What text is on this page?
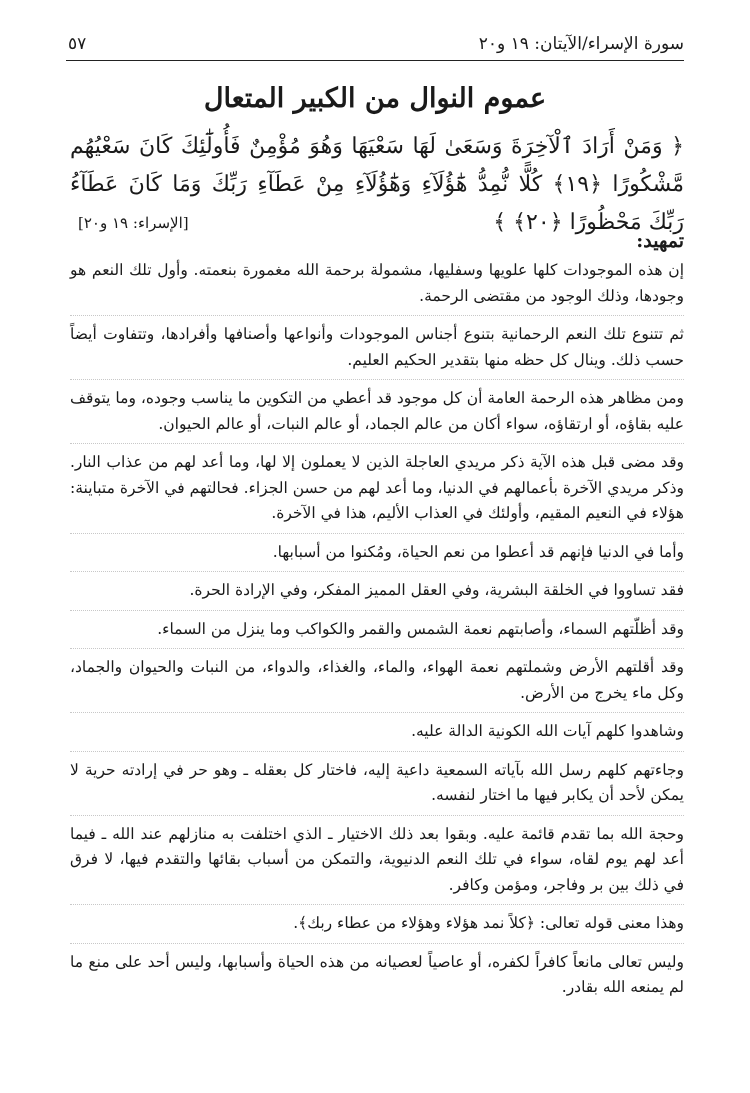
سورة الإسراء/الآيتان: ١٩ و٢٠
٥٧
عموم النوال من الكبير المتعال
﴿ وَمَنْ أَرَادَ ٱلْآخِرَةَ وَسَعَىٰ لَهَا سَعْيَهَا وَهُوَ مُؤْمِنٌ فَأُولَٰٓئِكَ كَانَ سَعْيُهُم
مَّشْكُورًا ﴿١٩﴾ كُلًّا نُّمِدُّ هَٰٓؤُلَآءِ وَهَٰٓؤُلَآءِ مِنْ عَطَآءِ رَبِّكَ وَمَا كَانَ عَطَآءُ رَبِّكَ مَحْظُورًا ﴿٢٠﴾ ﴾
[الإسراء: ١٩ و٢٠]
تمهيد:

إن هذه الموجودات كلها علويها وسفليها، مشمولة برحمة الله مغمورة بنعمته. وأول تلك النعم هو وجودها، وذلك الوجود من مقتضى الرحمة.

ثم تتنوع تلك النعم الرحمانية بتنوع أجناس الموجودات وأنواعها وأصنافها وأفرادها، وتتفاوت أيضاً حسب ذلك. وينال كل حظه منها بتقدير الحكيم العليم.

ومن مظاهر هذه الرحمة العامة أن كل موجود قد أعطي من التكوين ما يناسب وجوده، وما يتوقف عليه بقاؤه، أو ارتقاؤه، سواء أكان من عالم الجماد، أو عالم النبات، أو عالم الحيوان.

وقد مضى قبل هذه الآية ذكر مريدي العاجلة الذين لا يعملون إلا لها، وما أعد لهم من عذاب النار. وذكر مريدي الآخرة بأعمالهم في الدنيا، وما أعد لهم من حسن الجزاء. فحالتهم في الآخرة متباينة: هؤلاء في النعيم المقيم، وأولئك في العذاب الأليم، هذا في الآخرة.

وأما في الدنيا فإنهم قد أعطوا من نعم الحياة، ومُكنوا من أسبابها.

فقد تساووا في الخلقة البشرية، وفي العقل المميز المفكر، وفي الإرادة الحرة.

وقد أظلّتهم السماء، وأصابتهم نعمة الشمس والقمر والكواكب وما ينزل من السماء.

وقد أقلتهم الأرض وشملتهم نعمة الهواء، والماء، والغذاء، والدواء، من النبات والحيوان والجماد، وكل ماء يخرج من الأرض.

وشاهدوا كلهم آيات الله الكونية الدالة عليه.

وجاءتهم كلهم رسل الله بآياته السمعية داعية إليه، فاختار كل بعقله ـ وهو حر في إرادته حرية لا يمكن لأحد أن يكابر فيها ما اختار لنفسه.

وحجة الله بما تقدم قائمة عليه. وبقوا بعد ذلك الاختيار ـ الذي اختلفت به منازلهم عند الله ـ فيما أعد لهم يوم لقاه، سواء في تلك النعم الدنيوية، والتمكن من أسباب بقائها والتقدم فيها، لا فرق في ذلك بين بر وفاجر، ومؤمن وكافر.

وهذا معنى قوله تعالى: ﴿كلاً نمد هؤلاء وهؤلاء من عطاء ربك﴾.

وليس تعالى مانعاً كافراً لكفره، أو عاصياً لعصيانه من هذه الحياة وأسبابها، وليس أحد على منع ما لم يمنعه الله بقادر.
